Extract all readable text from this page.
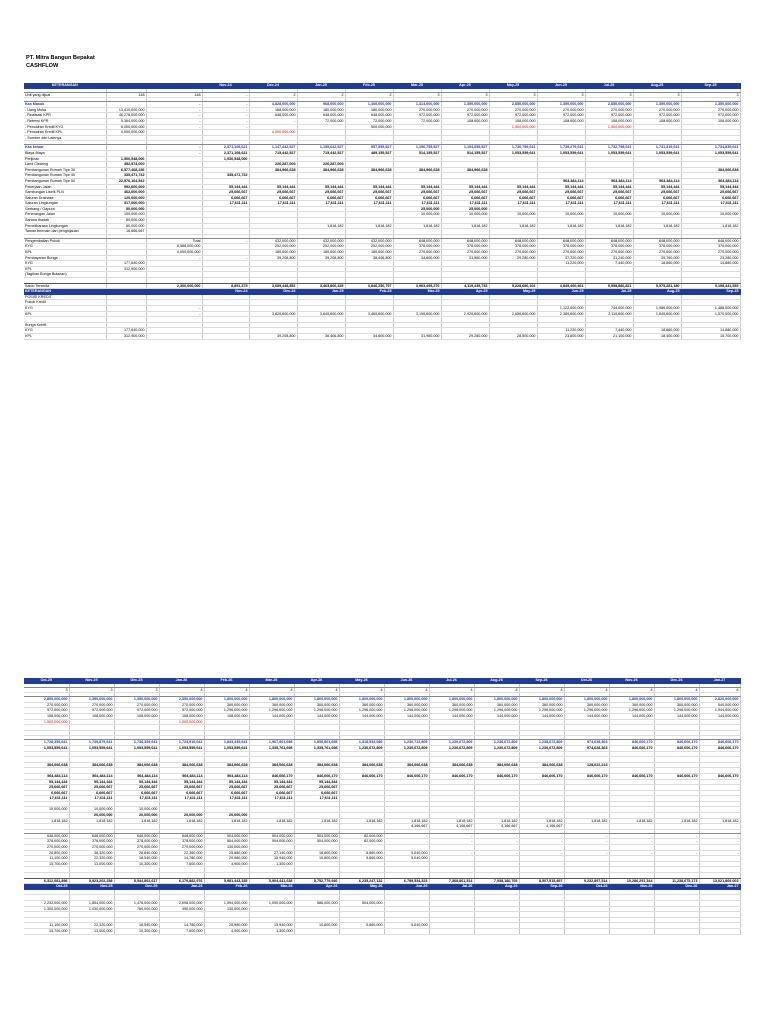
PT. Mitra Bangun Bepakat
CASHFLOW
KETERANGAN			Nov-24	Dec-24	Jan-25	Feb-25	Mar-25	Apr-25	May-25	Jun-25	Jul-25	Aug-25	Sep-25

Unit yang dijual	148	148	-	2	2	2	3	3	3	3	3	3	3

Kas Masuk		-	-	4,828,000,000	968,000,000	1,400,000,000	1,314,000,000	1,350,000,000	2,850,000,000	1,350,000,000	2,850,000,000	1,350,000,000	1,350,000,000
- Uang Muka	13,410,000,000	-	-	168,000,000	180,000,000	180,000,000	270,000,000	270,000,000	270,000,000	270,000,000	270,000,000	270,000,000	270,000,000
- Realisasi KPR	46,276,000,000	-	-	648,000,000	648,000,000	648,000,000	972,000,000	972,000,000	972,000,000	972,000,000	972,000,000	972,000,000	972,000,000
- Retensi KPR	5,364,000,000	-	-	-	72,000,000	72,000,000	72,000,000	108,000,000	108,000,000	108,000,000	108,000,000	108,000,000	108,000,000
- Pencairan Kredit KYG	6,000,000,000	-	-			500,000,000			1,500,000,000		1,500,000,000		
- Pencairan Kredit KPL	4,000,000,000			4,000,000,000									
- Sumber dari Lainnya													

Kas keluar		-	2,371,108,621	1,147,442,527	1,155,642,527	957,555,527	1,196,755,527	1,194,055,527	1,730,759,641	1,739,279,641	1,732,798,641	1,741,319,641	1,734,839,641
Biaya-Biaya		-	2,371,108,621	715,442,527	715,442,527	489,155,527	514,155,527	514,155,527	1,053,559,641	1,053,559,641	1,053,559,641	1,053,559,641	1,053,559,641
Perijinan	1,500,548,000		1,930,548,000										
Land Clearing	452,574,000			226,287,000	226,287,000								
Pembangunan Rumah Tipe 36	6,577,468,236			384,966,638	384,966,638	384,966,638	384,966,638	384,966,638					384,066,638
Pembangunan Rumah Tipe 45	335,471,732		335,471,732										
Pembangunan Rumah Tipe 50	22,576,164,542									564,484,114	564,484,114	564,484,114	564,484,114
Pekerjaan Jalan	992,600,000		55,144,444	55,144,444	55,144,444	55,144,444	55,144,444	55,144,444	55,144,444	55,144,444	55,144,444	55,144,444	55,144,444
Sambungan Listrik PLN	462,000,000		25,666,667	25,666,667	25,666,667	25,666,667	25,666,667	25,666,667	25,666,667	25,666,667	25,666,667	25,666,667	25,666,667
Saluran Drainase	120,000,000		6,666,667	6,666,667	6,666,667	6,666,667	6,666,667	6,666,667	6,666,667	6,666,667	6,666,667	6,666,667	6,666,667
Saluran Lingkungan	317,000,000		17,611,111	17,611,111	17,611,111	17,611,111	17,611,111	17,611,111	17,611,111	17,611,111	17,611,111	17,611,111	17,611,111
Gerbang / Gapura	50,000,000						25,000,000	25,000,000					
Penerangan Jalan	100,000,000						10,000,000	10,000,000	10,000,000	10,000,000	10,000,000	10,000,000	10,000,000
Sarana Ibadah	80,000,000												
Pemeliharaan Lingkungan	60,000,000				1,818,182	1,818,182	1,818,182	1,818,182	1,818,182	1,818,182	1,818,182	1,818,182	1,818,182
Taman bermain dan penghijauan	16,666,667												

Pengembalian Pokok		Total	-	432,000,000	432,000,000	432,000,000	648,000,000	648,000,000	648,000,000	648,000,000	648,000,000	648,000,000	648,000,000
KYG		6,588,000,000		252,000,000	252,000,000	252,000,000	378,000,000	378,000,000	378,000,000	378,000,000	378,000,000	378,000,000	378,000,000
KPL		4,000,000,000		180,000,000	180,000,000	180,000,000	270,000,000	270,000,000	270,000,000	270,000,000	270,000,000	270,000,000	270,000,000
Pembayaran Bunga :		-	-	39,208,800	39,208,800	36,406,800	34,600,000	31,960,000	29,280,000	37,720,000	31,240,000	39,760,000	23,280,000
KYG	177,640,000									11,220,000	7,440,000	18,860,000	14,880,000
KPL	312,900,000												
(Tagihan Bunga Bulanan)													

Saldo Tersedia		2,300,000,000	8,891,379	3,689,448,852	3,463,806,325	3,846,250,797	3,963,495,270	4,119,439,743	5,228,680,102	4,849,400,461	5,958,880,821	5,575,281,180	5,198,441,539
KETERANGAN			Nov-24	Dec-24	Jan-25	Feb-25	Mar-25	Apr-25	May-25	Jun-25	Jul-25	Aug-25	Sep-25
POSISI KREDIT													
Pokok Kredit													
KYG		-								1,122,000,000	744,000,000	1,986,000,000	1,488,000,000
KPL		-		3,820,000,000	3,640,000,000	3,460,000,000	3,190,000,000	2,920,000,000	2,650,000,000	2,380,000,000	2,110,000,000	1,840,000,000	1,570,000,000

Bunga Kredit													
KYG	177,640,000									11,220,000	7,440,000	18,860,000	14,880,000
KPL	312,900,000			39,208,800	36,406,800	34,600,000	31,960,000	29,280,000	28,500,000	23,800,000	21,100,000	18,400,000	15,700,000
Oct-25	Nov-25	Dec-25	Jan-26	Feb-26	Mar-26	Apr-26	May-26	Jun-26	Jul-26	Aug-26	Sep-26	Oct-26	Nov-26	Dec-26	Jan-27

3	3	3	4	4	4	4	4	4	4	4	4	4	4	4	6

2,850,000,000	1,350,000,000	1,350,000,000	2,350,000,000	1,800,000,000	1,800,000,000	1,800,000,000	1,800,000,000	1,800,000,000	1,800,000,000	1,800,000,000	1,800,000,000	1,800,000,000	1,800,000,000	1,800,000,000	2,820,000,000
270,000,000	270,000,000	270,000,000	270,000,000	360,000,000	360,000,000	360,000,000	360,000,000	360,000,000	360,000,000	360,000,000	360,000,000	360,000,000	360,000,000	360,000,000	540,000,000
972,000,000	972,000,000	972,000,000	972,000,000	1,296,000,000	1,296,000,000	1,296,000,000	1,296,000,000	1,296,000,000	1,296,000,000	1,296,000,000	1,296,000,000	1,296,000,000	1,296,000,000	1,296,000,000	1,944,000,000
108,000,000	108,000,000	108,000,000	108,000,000	108,000,000	144,000,000	144,000,000	144,000,000	144,000,000	144,000,000	144,000,000	144,000,000	144,000,000	144,000,000	144,000,000	144,000,000
1,500,000,000			1,000,000,000												

1,728,359,641	1,739,879,641	1,738,399,641	1,723,919,641	1,843,439,641	1,967,801,698	1,856,801,698	1,318,532,089	1,230,712,809	1,230,672,809	1,238,672,809	1,238,672,809	974,628,363	846,606,170	846,606,170	846,606,170
1,053,559,641	1,053,559,641	1,053,559,641	1,053,559,641	1,053,559,641	1,335,761,698	1,335,761,698	1,230,672,809	1,230,672,809	1,230,672,809	1,230,672,809	1,230,672,809	974,628,363	846,606,170	846,606,170	846,606,170

384,066,638	384,066,638	384,066,638	384,066,638	384,066,638	384,066,638	384,066,638	384,066,638	384,066,638	384,066,638	384,066,638	384,066,638	128,022,213			

564,484,114	564,484,114	564,484,114	564,484,114	564,484,114	846,606,170	846,606,170	846,606,170	846,606,170	846,606,170	846,606,170	846,606,170	846,606,170	846,606,170	846,606,170	846,606,170
55,144,444	55,144,444	55,144,444	55,144,444	55,144,444	55,144,444	55,144,444									
25,666,667	25,666,667	25,666,667	25,666,667	25,666,667	25,666,667	25,666,667									
6,666,667	6,666,667	6,666,667	6,666,667	6,666,667	6,666,667	6,666,667									
17,611,111	17,611,111	17,611,111	17,611,111	17,611,111	17,611,111	17,611,111									

10,000,000	10,000,000	10,000,000													
	20,000,000	20,000,000	20,000,000	20,000,000											
1,818,182	1,818,182	1,818,182	1,818,182	1,818,182	1,818,182	1,818,182	1,818,182	1,818,182	1,818,182	1,818,182	1,818,182	1,818,182	1,818,182	1,818,182	1,818,182
								4,166,667	4,166,667	4,166,667	4,166,667				

648,000,000	648,000,000	648,000,000	648,000,000	504,000,000	504,000,000	504,000,000	82,000,000	-	-	-	-	-	-	-	-
378,000,000	378,000,000	378,000,000	378,000,000	504,000,000	504,000,000	504,000,000	82,000,000	-	-	-	-	-	-	-	-
270,000,000	270,000,000	270,000,000	270,000,000	130,000,000											
26,800,000	38,320,000	28,840,000	22,360,000	25,880,000	27,140,000	18,800,000	5,860,000	5,040,000	-	-	-	-	-	-	-
11,100,000	22,320,000	18,540,000	14,780,000	20,980,000	15,940,000	10,800,000	5,860,000	5,040,000							
15,700,000	13,000,000	10,300,000	7,600,000	4,900,000	1,300,000										

6,312,081,898	5,923,202,258	5,544,802,617	6,170,882,976	5,981,443,335	5,904,441,638	5,752,779,940	6,235,247,132	6,799,534,323	7,368,861,514	7,938,180,705	8,507,515,897	9,232,897,514	10,286,291,344	11,238,675,173	13,021,869,003
Oct-25	Nov-25	Dec-25	Jan-26	Feb-26	Mar-26	Apr-26	May-26	Jun-26	Jul-26	Aug-26	Sep-26	Oct-26	Nov-26	Dec-26	Jan-27

2,232,000,000	1,854,000,000	1,476,000,000	2,098,000,000	1,594,000,000	1,090,000,000	586,000,000	504,000,000								
1,300,000,000	1,030,000,000	760,000,000	490,000,000	130,000,000											

11,100,000	22,320,000	18,540,000	14,780,000	20,980,000	15,940,000	10,800,000	5,860,000	5,040,000							
15,700,000	13,000,000	10,300,000	7,600,000	4,900,000	1,300,000										
